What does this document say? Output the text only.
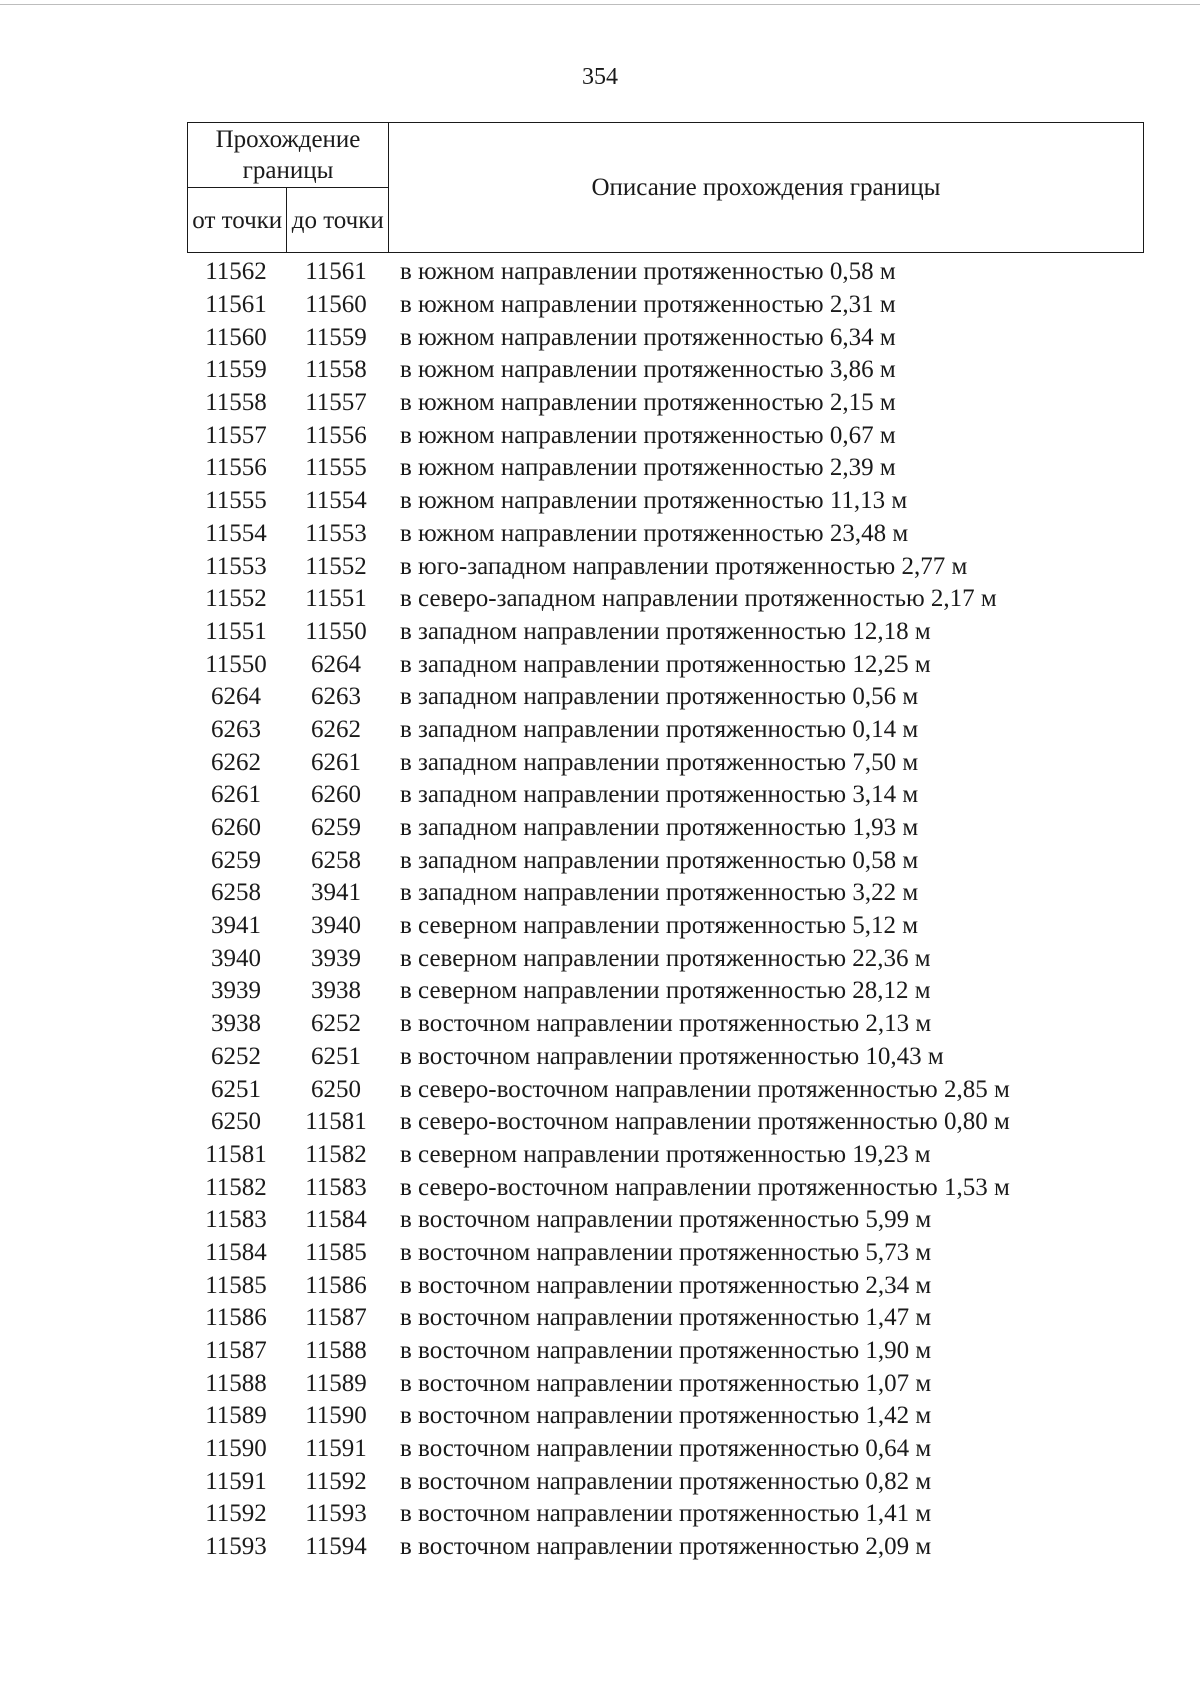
354
Прохождение границы		Описание прохождения границы
от точки	до точки	
11562	11561	в южном направлении протяженностью 0,58 м
11561	11560	в южном направлении протяженностью 2,31 м
11560	11559	в южном направлении протяженностью 6,34 м
11559	11558	в южном направлении протяженностью 3,86 м
11558	11557	в южном направлении протяженностью 2,15 м
11557	11556	в южном направлении протяженностью 0,67 м
11556	11555	в южном направлении протяженностью 2,39 м
11555	11554	в южном направлении протяженностью 11,13 м
11554	11553	в южном направлении протяженностью 23,48 м
11553	11552	в юго-западном направлении протяженностью 2,77 м
11552	11551	в северо-западном направлении протяженностью 2,17 м
11551	11550	в западном направлении протяженностью 12,18 м
11550	6264	в западном направлении протяженностью 12,25 м
6264	6263	в западном направлении протяженностью 0,56 м
6263	6262	в западном направлении протяженностью 0,14 м
6262	6261	в западном направлении протяженностью 7,50 м
6261	6260	в западном направлении протяженностью 3,14 м
6260	6259	в западном направлении протяженностью 1,93 м
6259	6258	в западном направлении протяженностью 0,58 м
6258	3941	в западном направлении протяженностью 3,22 м
3941	3940	в северном направлении протяженностью 5,12 м
3940	3939	в северном направлении протяженностью 22,36 м
3939	3938	в северном направлении протяженностью 28,12 м
3938	6252	в восточном направлении протяженностью 2,13 м
6252	6251	в восточном направлении протяженностью 10,43 м
6251	6250	в северо-восточном направлении протяженностью 2,85 м
6250	11581	в северо-восточном направлении протяженностью 0,80 м
11581	11582	в северном направлении протяженностью 19,23 м
11582	11583	в северо-восточном направлении протяженностью 1,53 м
11583	11584	в восточном направлении протяженностью 5,99 м
11584	11585	в восточном направлении протяженностью 5,73 м
11585	11586	в восточном направлении протяженностью 2,34 м
11586	11587	в восточном направлении протяженностью 1,47 м
11587	11588	в восточном направлении протяженностью 1,90 м
11588	11589	в восточном направлении протяженностью 1,07 м
11589	11590	в восточном направлении протяженностью 1,42 м
11590	11591	в восточном направлении протяженностью 0,64 м
11591	11592	в восточном направлении протяженностью 0,82 м
11592	11593	в восточном направлении протяженностью 1,41 м
11593	11594	в восточном направлении протяженностью 2,09 м
